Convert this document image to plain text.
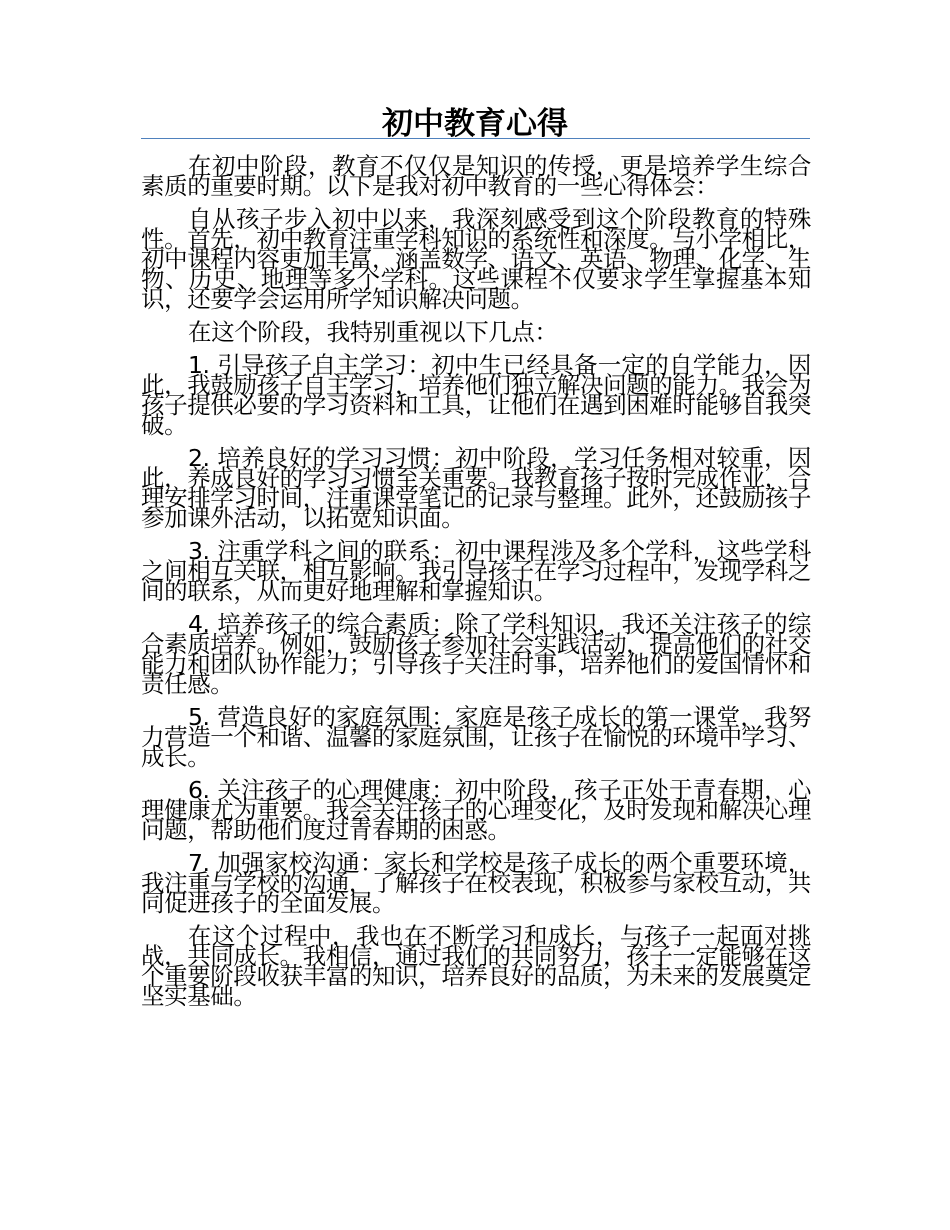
初中教育心得

在初中阶段，教育不仅仅是知识的传授，更是培养学生综合素质的重要时期。以下是我对初中教育的一些心得体会：

自从孩子步入初中以来，我深刻感受到这个阶段教育的特殊性。首先，初中教育注重学科知识的系统性和深度。与小学相比，初中课程内容更加丰富，涵盖数学、语文、英语、物理、化学、生物、历史、地理等多个学科。这些课程不仅要求学生掌握基本知识，还要学会运用所学知识解决问题。

在这个阶段，我特别重视以下几点：

1. 引导孩子自主学习：初中生已经具备一定的自学能力，因此，我鼓励孩子自主学习，培养他们独立解决问题的能力。我会为孩子提供必要的学习资料和工具，让他们在遇到困难时能够自我突破。

2. 培养良好的学习习惯：初中阶段，学习任务相对较重，因此，养成良好的学习习惯至关重要。我教育孩子按时完成作业，合理安排学习时间，注重课堂笔记的记录与整理。此外，还鼓励孩子参加课外活动，以拓宽知识面。

3. 注重学科之间的联系：初中课程涉及多个学科，这些学科之间相互关联，相互影响。我引导孩子在学习过程中，发现学科之间的联系，从而更好地理解和掌握知识。

4. 培养孩子的综合素质：除了学科知识，我还关注孩子的综合素质培养。例如，鼓励孩子参加社会实践活动，提高他们的社交能力和团队协作能力；引导孩子关注时事，培养他们的爱国情怀和责任感。

5. 营造良好的家庭氛围：家庭是孩子成长的第一课堂，我努力营造一个和谐、温馨的家庭氛围，让孩子在愉悦的环境中学习、成长。

6. 关注孩子的心理健康：初中阶段，孩子正处于青春期，心理健康尤为重要。我会关注孩子的心理变化，及时发现和解决心理问题，帮助他们度过青春期的困惑。

7. 加强家校沟通：家长和学校是孩子成长的两个重要环境，我注重与学校的沟通，了解孩子在校表现，积极参与家校互动，共同促进孩子的全面发展。

在这个过程中，我也在不断学习和成长，与孩子一起面对挑战，共同成长。我相信，通过我们的共同努力，孩子一定能够在这个重要阶段收获丰富的知识，培养良好的品质，为未来的发展奠定坚实基础。
